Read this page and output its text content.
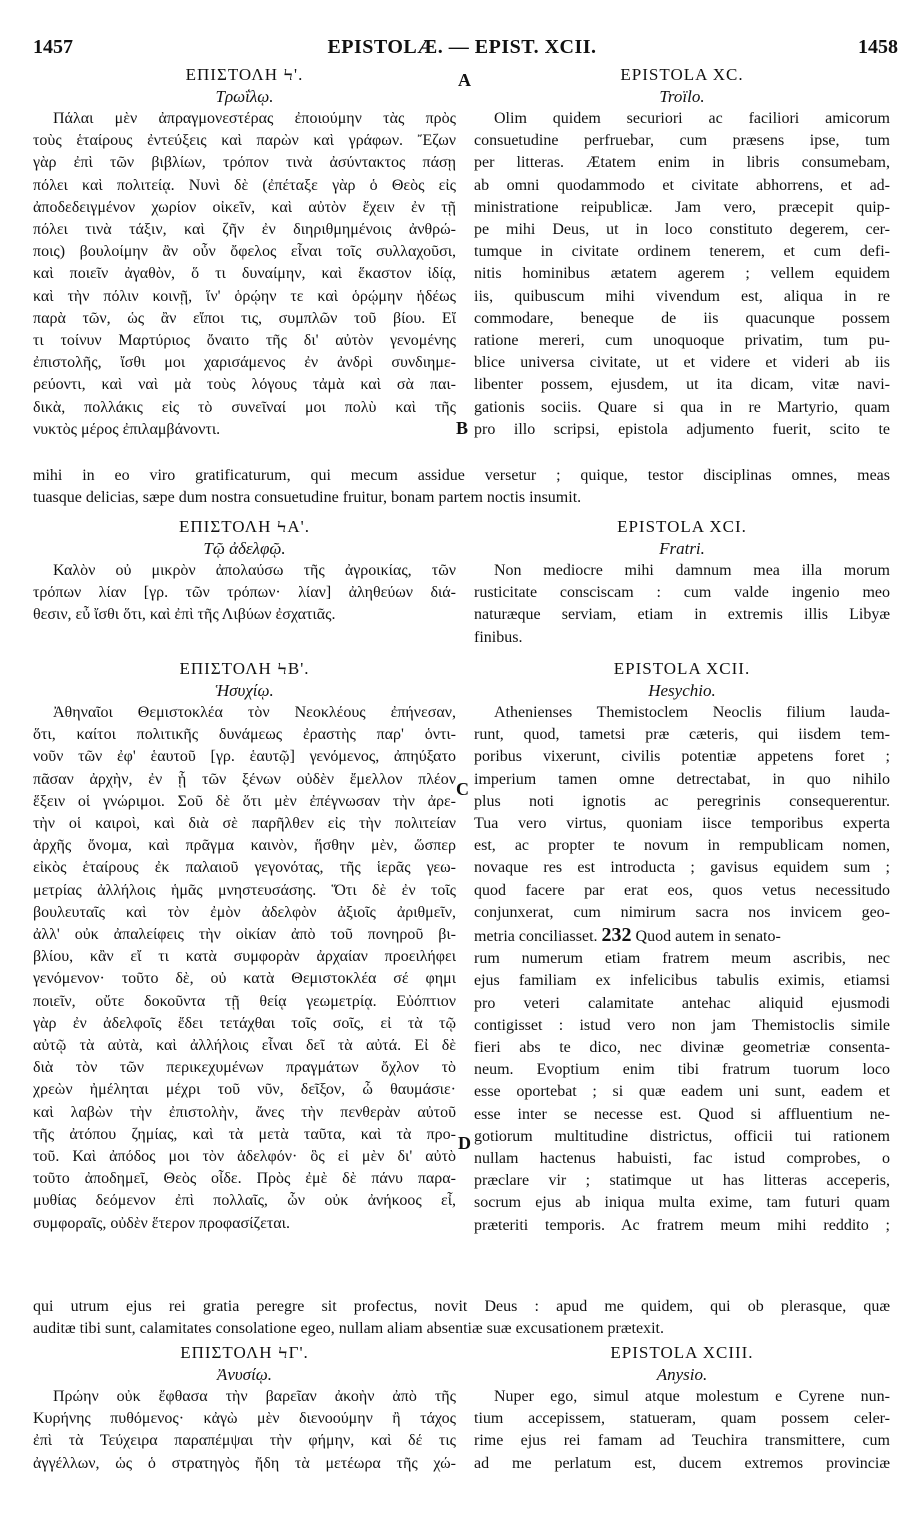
1457	EPISTOLÆ. — EPIST. XCII.	1458
A
B
C
D
ΕΠΙΣΤΟΛΗ Ϟ'.
Τρωΐλῳ.
Πάλαι μὲν ἀπραγμονεστέρας ἐποιούμην τὰς πρὸς
τοὺς ἑταίρους ἐντεύξεις καὶ παρὼν καὶ γράφων. Ἔζων
γὰρ ἐπὶ τῶν βιβλίων, τρόπον τινὰ ἀσύντακτος πάσῃ
πόλει καὶ πολιτείᾳ. Νυνὶ δὲ (ἐπέταξε γὰρ ὁ Θεὸς εἰς
ἀποδεδειγμένον χωρίον οἰκεῖν, καὶ αὐτὸν ἔχειν ἐν τῇ
πόλει τινὰ τάξιν, καὶ ζῆν ἐν διηριθμημένοις ἀνθρώ-
ποις) βουλοίμην ἂν οὖν ὄφελος εἶναι τοῖς συλλαχοῦσι,
καὶ ποιεῖν ἀγαθὸν, ὅ τι δυναίμην, καὶ ἕκαστον ἰδίᾳ,
καὶ τὴν πόλιν κοινῇ, ἵν' ὁρῴην τε καὶ ὁρῴμην ἡδέως
παρὰ τῶν, ὡς ἂν εἴποι τις, συμπλῶν τοῦ βίου. Εἴ
τι τοίνυν Μαρτύριος ὄναιτο τῆς δι' αὐτὸν γενομένης
ἐπιστολῆς, ἴσθι μοι χαρισάμενος ἐν ἀνδρὶ συνδιημε-
ρεύοντι, καὶ ναὶ μὰ τοὺς λόγους τἀμὰ καὶ σὰ παι-
δικὰ, πολλάκις εἰς τὸ συνεῖναί μοι πολὺ καὶ τῆς
νυκτὸς μέρος ἐπιλαμβάνοντι.
EPISTOLA XC.
Troïlo.
Olim quidem securiori ac faciliori amicorum
consuetudine perfruebar, cum præsens ipse, tum
per litteras. Ætatem enim in libris consumebam,
ab omni quodammodo et civitate abhorrens, et ad-
ministratione reipublicæ. Jam vero, præcepit quip-
pe mihi Deus, ut in loco constituto degerem, cer-
tumque in civitate ordinem tenerem, et cum defi-
nitis hominibus ætatem agerem ; vellem equidem
iis, quibuscum mihi vivendum est, aliqua in re
commodare, beneque de iis quacunque possem
ratione mereri, cum unoquoque privatim, tum pu-
blice universa civitate, ut et videre et videri ab iis
libenter possem, ejusdem, ut ita dicam, vitæ navi-
gationis sociis. Quare si qua in re Martyrio, quam
pro illo scripsi, epistola adjumento fuerit, scito te
mihi in eo viro gratificaturum, qui mecum assidue versetur ; quique, testor disciplinas omnes, meas
tuasque delicias, sæpe dum nostra consuetudine fruitur, bonam partem noctis insumit.
ΕΠΙΣΤΟΛΗ ϞΑ'.
Τῷ ἀδελφῷ.
Καλὸν οὐ μικρὸν ἀπολαύσω τῆς ἀγροικίας, τῶν
τρόπων λίαν [γρ. τῶν τρόπων· λίαν] ἀληθεύων διά-
θεσιν, εὖ ἴσθι ὅτι, καὶ ἐπὶ τῆς Λιβύων ἐσχατιᾶς.
EPISTOLA XCI.
Fratri.
Non mediocre mihi damnum mea illa morum
rusticitate consciscam : cum valde ingenio meo
naturæque serviam, etiam in extremis illis Libyæ
finibus.
ΕΠΙΣΤΟΛΗ ϞΒ'.
Ἡσυχίῳ.
Ἀθηναῖοι Θεμιστοκλέα τὸν Νεοκλέους ἐπήνεσαν,
ὅτι, καίτοι πολιτικῆς δυνάμεως ἐραστὴς παρ' ὁντι-
νοῦν τῶν ἐφ' ἑαυτοῦ [γρ. ἑαυτῷ] γενόμενος, ἀπηύξατο
πᾶσαν ἀρχὴν, ἐν ᾗ τῶν ξένων οὐδὲν ἔμελλον πλέον
ἕξειν οἱ γνώριμοι. Σοῦ δὲ ὅτι μὲν ἐπέγνωσαν τὴν ἀρε-
τὴν οἱ καιροὶ, καὶ διὰ σὲ παρῆλθεν εἰς τὴν πολιτείαν
ἀρχῆς ὄνομα, καὶ πρᾶγμα καινὸν, ἥσθην μὲν, ὥσπερ
εἰκὸς ἑταίρους ἐκ παλαιοῦ γεγονότας, τῆς ἱερᾶς γεω-
μετρίας ἀλλήλοις ἡμᾶς μνηστευσάσης. Ὅτι δὲ ἐν τοῖς
βουλευταῖς καὶ τὸν ἐμὸν ἀδελφὸν ἀξιοῖς ἀριθμεῖν,
ἀλλ' οὐκ ἀπαλείφεις τὴν οἰκίαν ἀπὸ τοῦ πονηροῦ βι-
βλίου, κἂν εἴ τι κατὰ συμφορὰν ἀρχαίαν προειλήφει
γενόμενον· τοῦτο δὲ, οὐ κατὰ Θεμιστοκλέα σέ φημι
ποιεῖν, οὔτε δοκοῦντα τῇ θείᾳ γεωμετρίᾳ. Εὐόπτιον
γὰρ ἐν ἀδελφοῖς ἔδει τετάχθαι τοῖς σοῖς, εἰ τὰ τῷ
αὐτῷ τὰ αὐτὰ, καὶ ἀλλήλοις εἶναι δεῖ τὰ αὐτά. Εἰ δὲ
διὰ τὸν τῶν περικεχυμένων πραγμάτων ὄχλον τὸ
χρεὼν ἠμέληται μέχρι τοῦ νῦν, δεῖξον, ὦ θαυμάσιε·
καὶ λαβὼν τὴν ἐπιστολὴν, ἄνες τὴν πενθερὰν αὐτοῦ
τῆς ἀτόπου ζημίας, καὶ τὰ μετὰ ταῦτα, καὶ τὰ προ-
τοῦ. Καὶ ἀπόδος μοι τὸν ἀδελφόν· ὃς εἰ μὲν δι' αὐτὸ
τοῦτο ἀποδημεῖ, Θεὸς οἶδε. Πρὸς ἐμὲ δὲ πάνυ παρα-
μυθίας δεόμενον ἐπὶ πολλαῖς, ὧν οὐκ ἀνήκοος εἶ,
συμφοραῖς, οὐδὲν ἕτερον προφασίζεται.
EPISTOLA XCII.
Hesychio.
Athenienses Themistoclem Neoclis filium lauda-
runt, quod, tametsi præ cæteris, qui iisdem tem-
poribus vixerunt, civilis potentiæ appetens foret ;
imperium tamen omne detrectabat, in quo nihilo
plus noti ignotis ac peregrinis consequerentur.
Tua vero virtus, quoniam iisce temporibus experta
est, ac propter te novum in rempublicam nomen,
novaque res est introducta ; gavisus equidem sum ;
quod facere par erat eos, quos vetus necessitudo
conjunxerat, cum nimirum sacra nos invicem geo-
metria conciliasset. 232 Quod autem in senato-
rum numerum etiam fratrem meum ascribis, nec
ejus familiam ex infelicibus tabulis eximis, etiamsi
pro veteri calamitate antehac aliquid ejusmodi
contigisset : istud vero non jam Themistoclis simile
fieri abs te dico, nec divinæ geometriæ consenta-
neum. Evoptium enim tibi fratrum tuorum loco
esse oportebat ; si quæ eadem uni sunt, eadem et
esse inter se necesse est. Quod si affluentium ne-
gotiorum multitudine districtus, officii tui rationem
nullam hactenus habuisti, fac istud comprobes, o
præclare vir ; statimque ut has litteras acceperis,
socrum ejus ab iniqua multa exime, tam futuri quam
præteriti temporis. Ac fratrem meum mihi reddito ;
qui utrum ejus rei gratia peregre sit profectus, novit Deus : apud me quidem, qui ob plerasque, quæ
auditæ tibi sunt, calamitates consolatione egeo, nullam aliam absentiæ suæ excusationem prætexit.
ΕΠΙΣΤΟΛΗ ϞΓ'.
Ἀνυσίῳ.
Πρώην οὐκ ἔφθασα τὴν βαρεῖαν ἀκοὴν ἀπὸ τῆς
Κυρήνης πυθόμενος· κἀγὼ μὲν διενοούμην ἢ τάχος
ἐπὶ τὰ Τεύχειρα παραπέμψαι τὴν φήμην, καὶ δέ τις
ἀγγέλλων, ὡς ὁ στρατηγὸς ἤδη τὰ μετέωρα τῆς χώ-
EPISTOLA XCIII.
Anysio.
Nuper ego, simul atque molestum e Cyrene nun-
tium accepissem, statueram, quam possem celer-
rime ejus rei famam ad Teuchira transmittere, cum
ad me perlatum est, ducem extremos provinciæ
